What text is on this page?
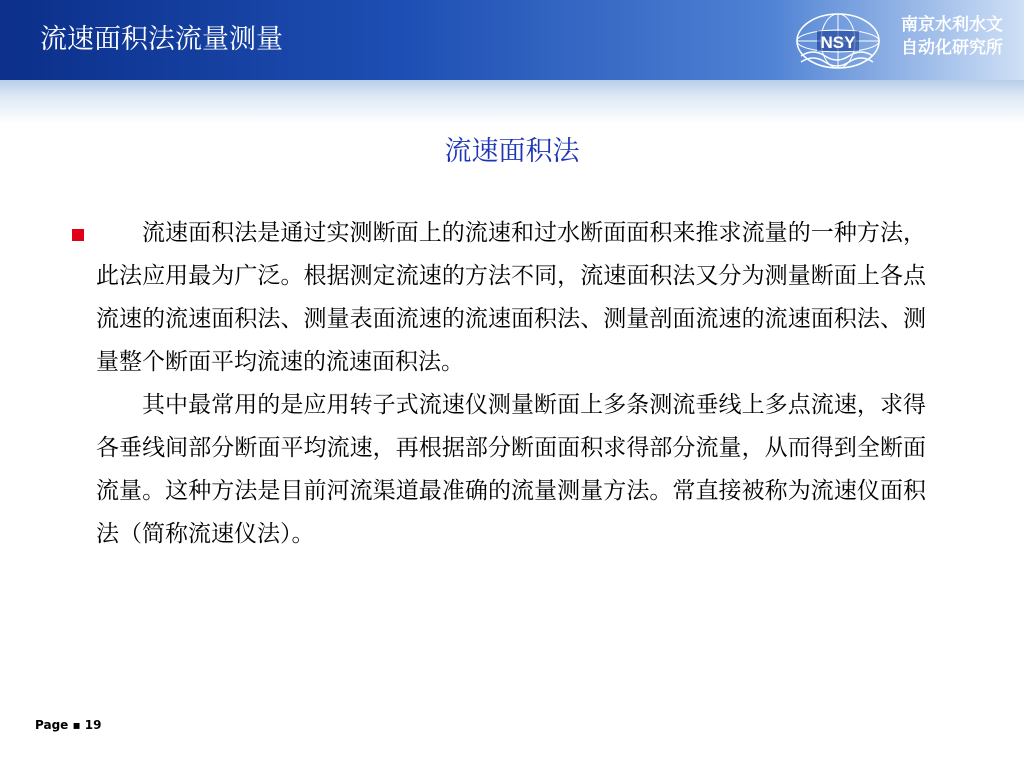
流速面积法流量测量	NSY
南京水利水文
自动化研究所
流速面积法

流速面积法是通过实测断面上的流速和过水断面面积来推求流量的一种方法，此法应用最为广泛。根据测定流速的方法不同，流速面积法又分为测量断面上各点流速的流速面积法、测量表面流速的流速面积法、测量剖面流速的流速面积法、测量整个断面平均流速的流速面积法。

其中最常用的是应用转子式流速仪测量断面上多条测流垂线上多点流速，求得各垂线间部分断面平均流速，再根据部分断面面积求得部分流量，从而得到全断面流量。这种方法是目前河流渠道最准确的流量测量方法。常直接被称为流速仪面积法（简称流速仪法）。

Page ▪ 19
